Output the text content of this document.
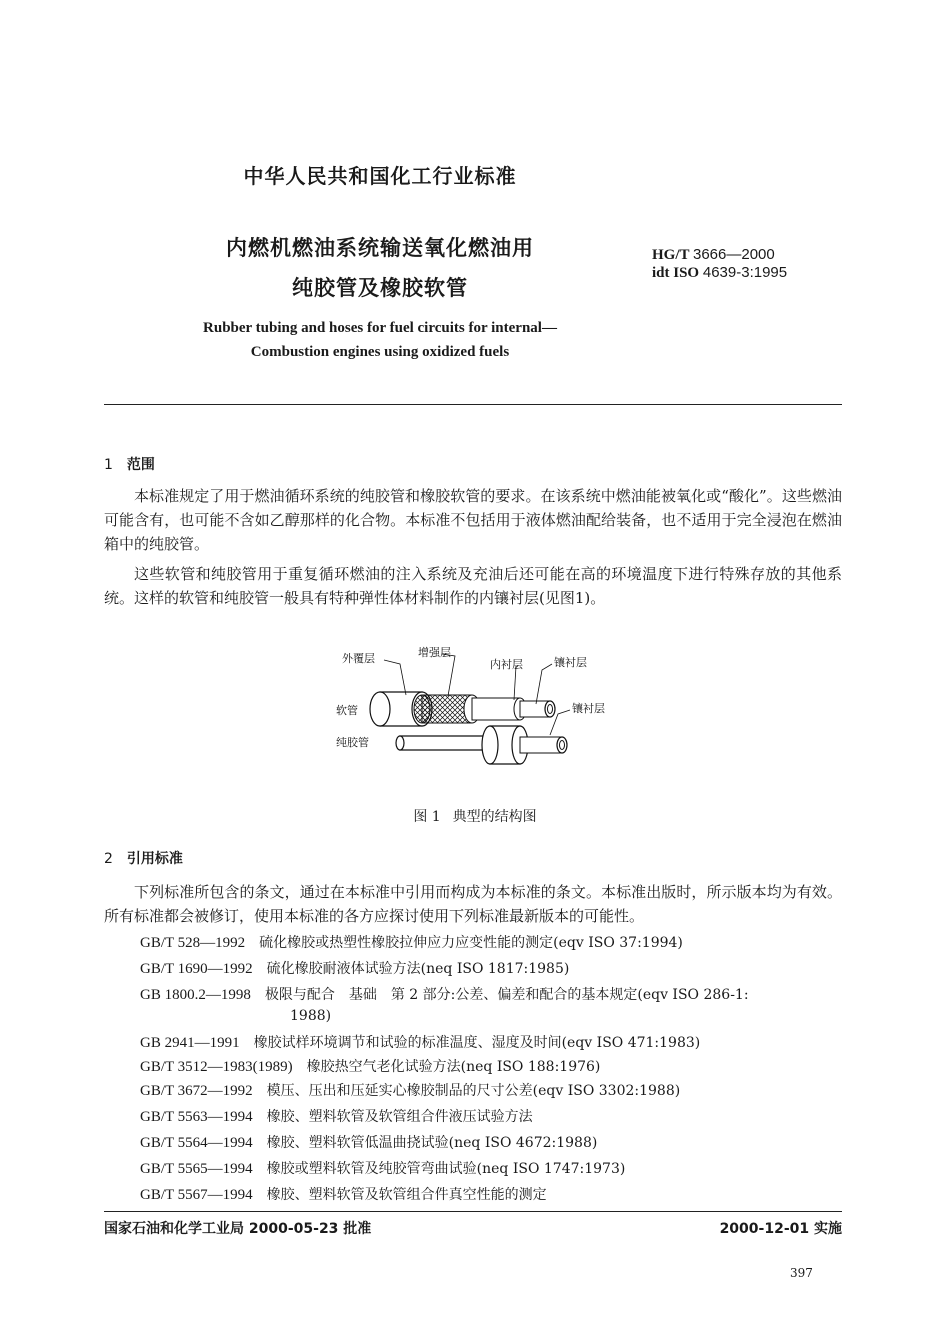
中华人民共和国化工行业标准
内燃机燃油系统输送氧化燃油用
纯胶管及橡胶软管
HG/T 3666—2000
idt ISO 4639-3:1995
Rubber tubing and hoses for fuel circuits for internal—
Combustion engines using oxidized fuels
1 范围
本标准规定了用于燃油循环系统的纯胶管和橡胶软管的要求。在该系统中燃油能被氧化或“酸化”。这些燃油可能含有，也可能不含如乙醇那样的化合物。本标准不包括用于液体燃油配给装备，也不适用于完全浸泡在燃油箱中的纯胶管。
这些软管和纯胶管用于重复循环燃油的注入系统及充油后还可能在高的环境温度下进行特殊存放的其他系统。这样的软管和纯胶管一般具有特种弹性体材料制作的内镶衬层(见图1)。
外覆层	增强层
内衬层	镶衬层
镶衬层
软管
纯胶管
图 1 典型的结构图
2 引用标准
下列标准所包含的条文，通过在本标准中引用而构成为本标准的条文。本标准出版时，所示版本均为有效。所有标准都会被修订，使用本标准的各方应探讨使用下列标准最新版本的可能性。
GB/T 528—1992 硫化橡胶或热塑性橡胶拉伸应力应变性能的测定(eqv ISO 37:1994)
GB/T 1690—1992 硫化橡胶耐液体试验方法(neq ISO 1817:1985)
GB 1800.2—1998 极限与配合　基础　第 2 部分:公差、偏差和配合的基本规定(eqv ISO 286-1:
1988)
GB 2941—1991 橡胶试样环境调节和试验的标准温度、湿度及时间(eqv ISO 471:1983)
GB/T 3512—1983(1989) 橡胶热空气老化试验方法(neq ISO 188:1976)
GB/T 3672—1992 模压、压出和压延实心橡胶制品的尺寸公差(eqv ISO 3302:1988)
GB/T 5563—1994 橡胶、塑料软管及软管组合件液压试验方法
GB/T 5564—1994 橡胶、塑料软管低温曲挠试验(neq ISO 4672:1988)
GB/T 5565—1994 橡胶或塑料软管及纯胶管弯曲试验(neq ISO 1747:1973)
GB/T 5567—1994 橡胶、塑料软管及软管组合件真空性能的测定
国家石油和化学工业局 2000-05-23 批准	2000-12-01 实施
397
